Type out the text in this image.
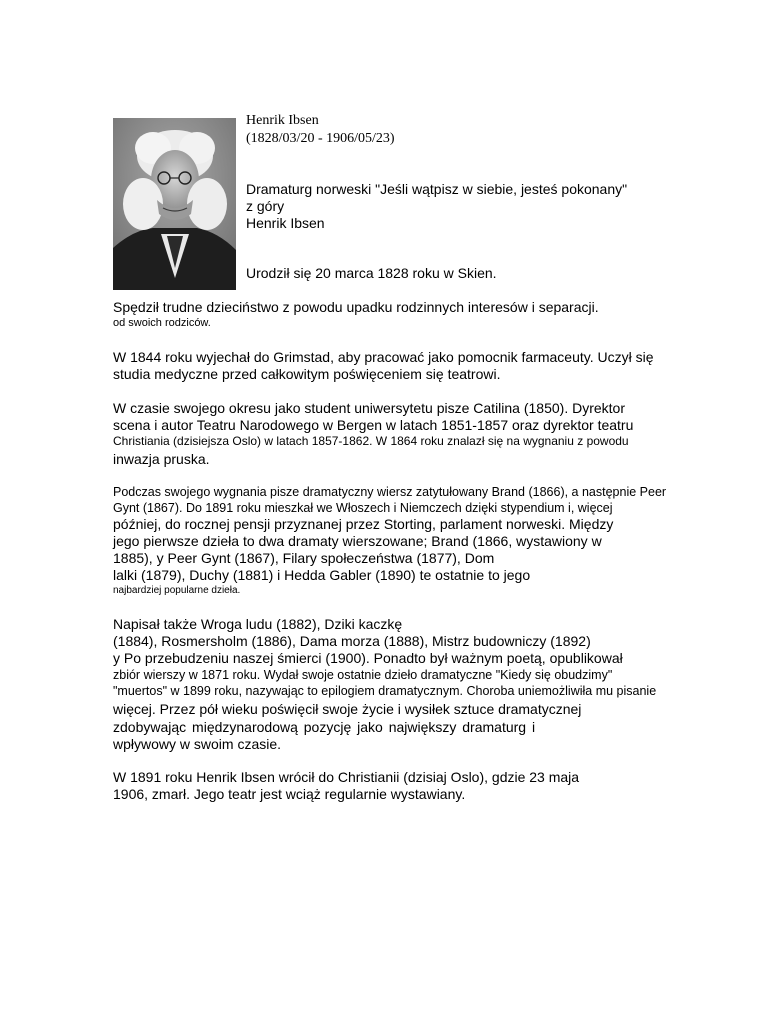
Henrik Ibsen
(1828/03/20 - 1906/05/23)
Dramaturg norweski "Jeśli wątpisz w siebie, jesteś pokonany"
z góry
Henrik Ibsen
Urodził się 20 marca 1828 roku w Skien.
Spędził trudne dzieciństwo z powodu upadku rodzinnych interesów i separacji.
od swoich rodziców.
W 1844 roku wyjechał do Grimstad, aby pracować jako pomocnik farmaceuty. Uczył się
studia medyczne przed całkowitym poświęceniem się teatrowi.
W czasie swojego okresu jako student uniwersytetu pisze Catilina (1850). Dyrektor
scena i autor Teatru Narodowego w Bergen w latach 1851-1857 oraz dyrektor teatru
Christiania (dzisiejsza Oslo) w latach 1857-1862. W 1864 roku znalazł się na wygnaniu z powodu
inwazja pruska.
Podczas swojego wygnania pisze dramatyczny wiersz zatytułowany Brand (1866), a następnie Peer
Gynt (1867). Do 1891 roku mieszkał we Włoszech i Niemczech dzięki stypendium i, więcej
później, do rocznej pensji przyznanej przez Storting, parlament norweski. Między
jego pierwsze dzieła to dwa dramaty wierszowane; Brand (1866, wystawiony w
1885), y Peer Gynt (1867), Filary społeczeństwa (1877), Dom
lalki (1879), Duchy (1881) i Hedda Gabler (1890) te ostatnie to jego
najbardziej popularne dzieła.
Napisał także Wroga ludu (1882), Dziki kaczkę
(1884), Rosmersholm (1886), Dama morza (1888), Mistrz budowniczy (1892)
y Po przebudzeniu naszej śmierci (1900). Ponadto był ważnym poetą, opublikował
zbiór wierszy w 1871 roku. Wydał swoje ostatnie dzieło dramatyczne "Kiedy się obudzimy"
"muertos" w 1899 roku, nazywając to epilogiem dramatycznym. Choroba uniemożliwiła mu pisanie
więcej. Przez pół wieku poświęcił swoje życie i wysiłek sztuce dramatycznej
zdobywając międzynarodową pozycję jako największy dramaturg i
wpływowy w swoim czasie.
W 1891 roku Henrik Ibsen wrócił do Christianii (dzisiaj Oslo), gdzie 23 maja
1906, zmarł. Jego teatr jest wciąż regularnie wystawiany.
